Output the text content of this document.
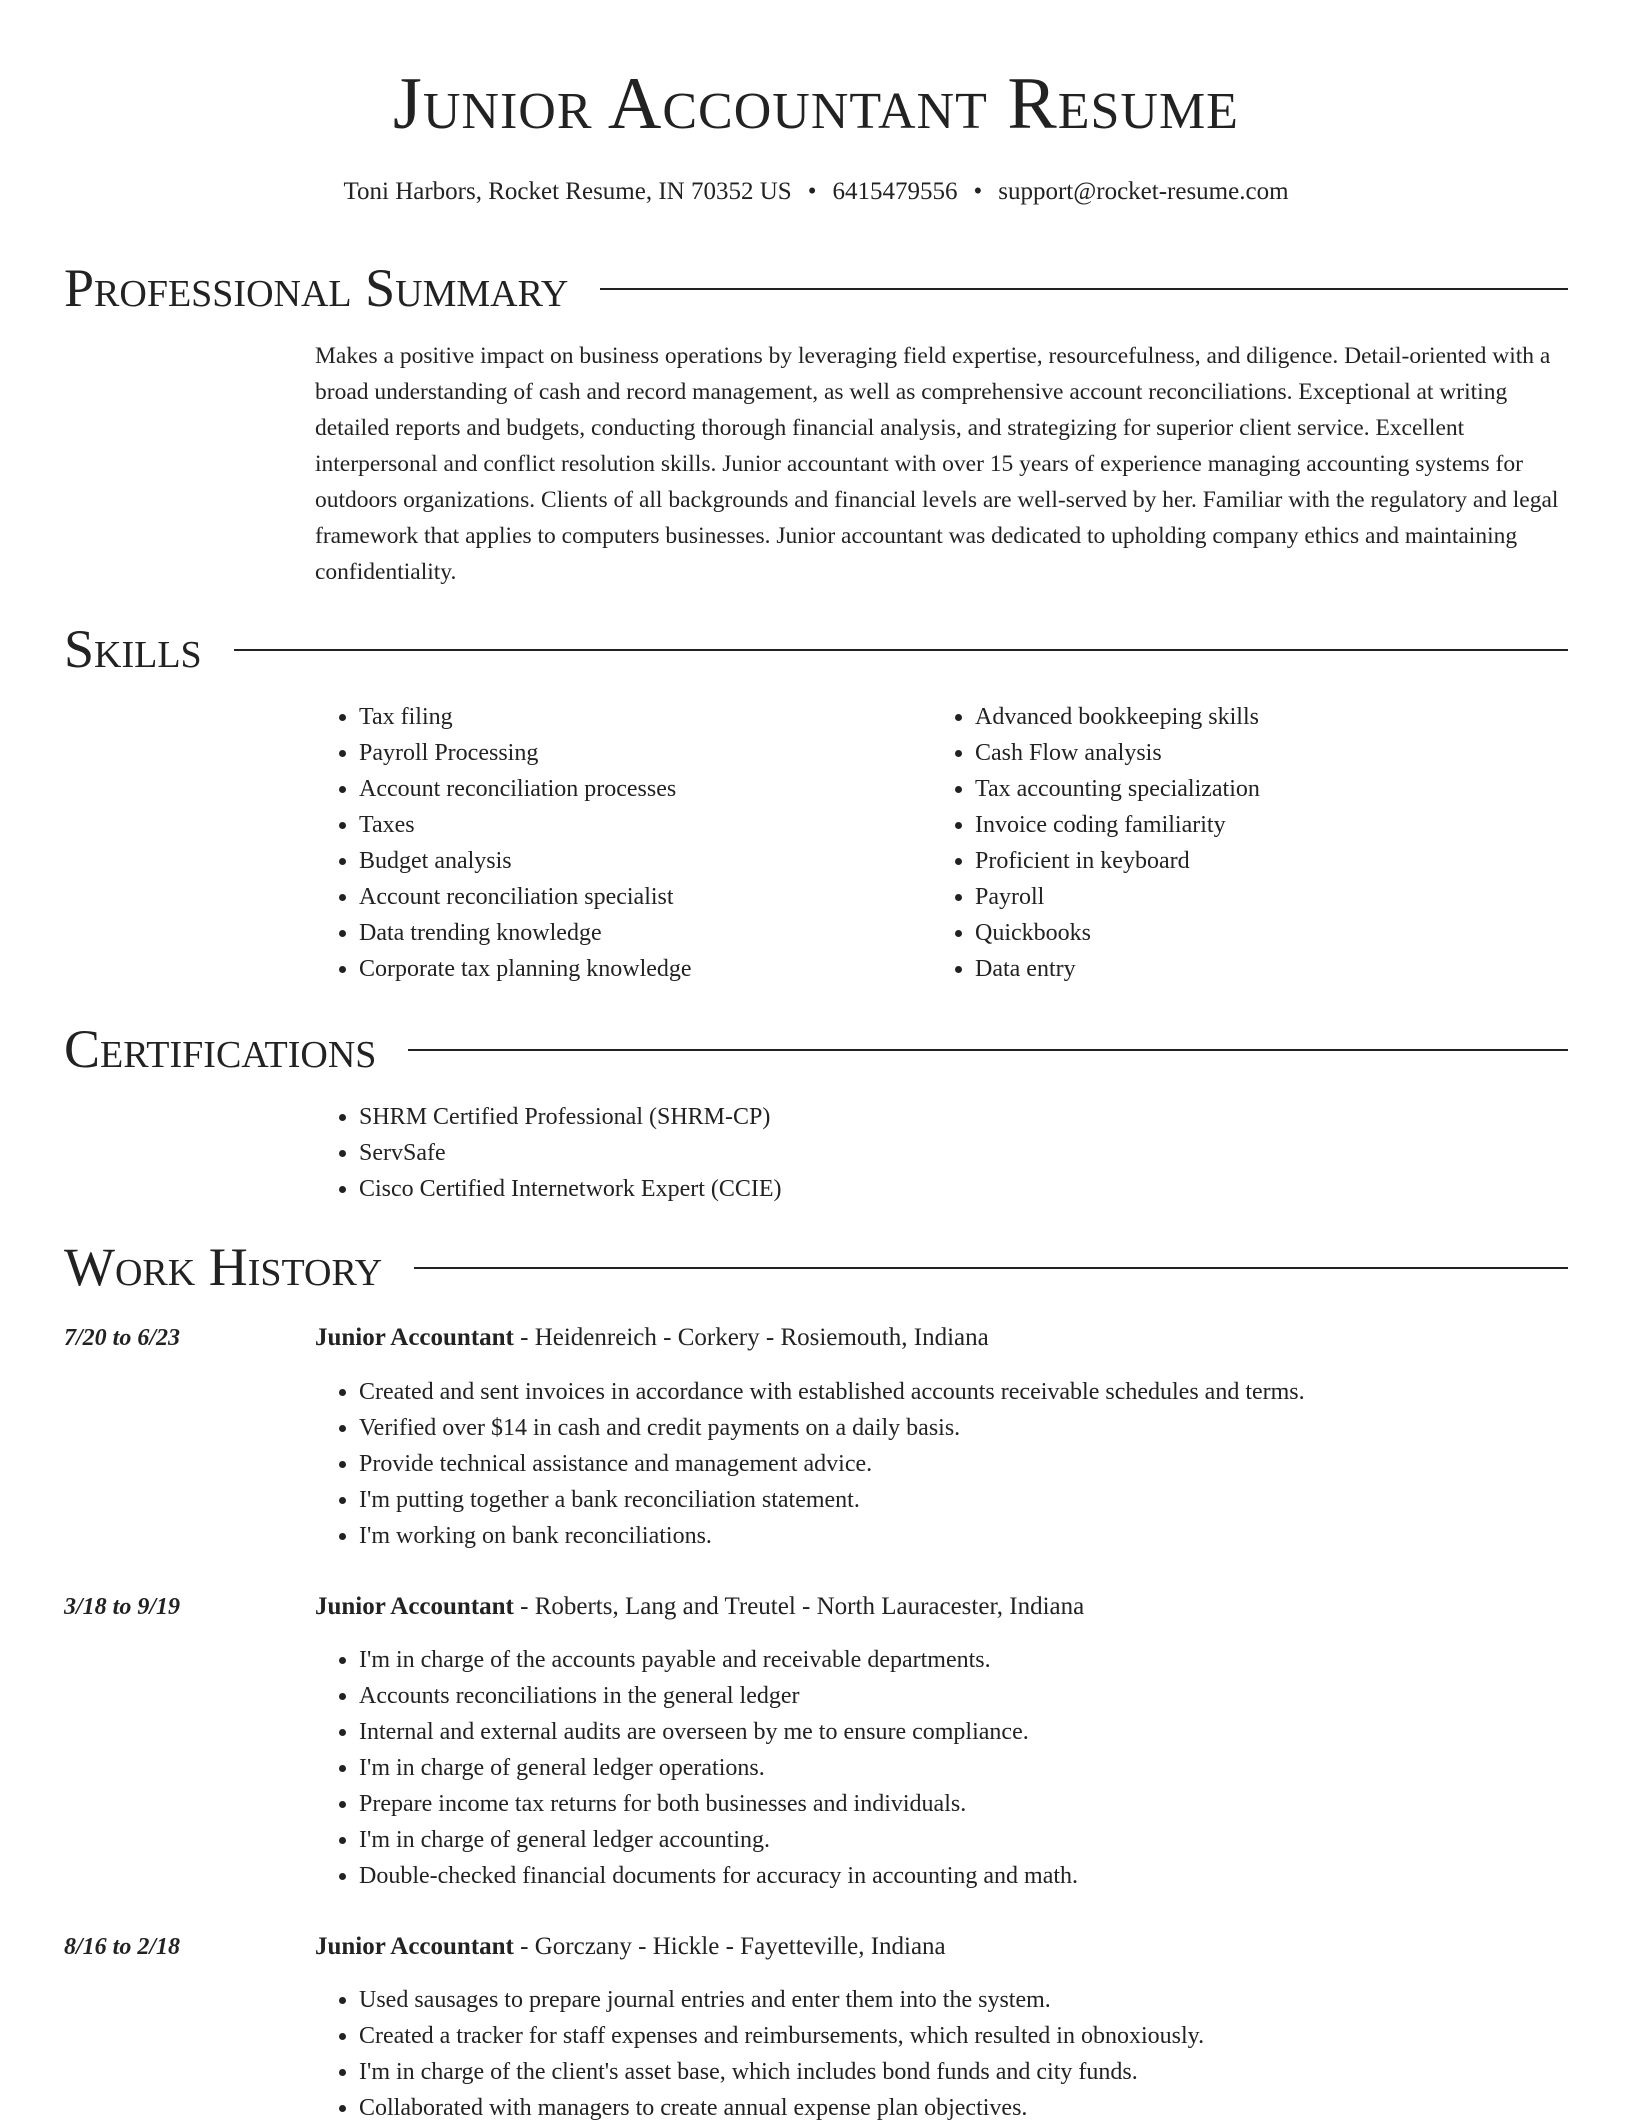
Junior Accountant Resume
Toni Harbors, Rocket Resume, IN 70352 US • 6415479556 • support@rocket-resume.com
Professional Summary
Makes a positive impact on business operations by leveraging field expertise, resourcefulness, and diligence. Detail-oriented with a broad understanding of cash and record management, as well as comprehensive account reconciliations. Exceptional at writing detailed reports and budgets, conducting thorough financial analysis, and strategizing for superior client service. Excellent interpersonal and conflict resolution skills. Junior accountant with over 15 years of experience managing accounting systems for outdoors organizations. Clients of all backgrounds and financial levels are well-served by her. Familiar with the regulatory and legal framework that applies to computers businesses. Junior accountant was dedicated to upholding company ethics and maintaining confidentiality.
Skills
• Tax filing
• Payroll Processing
• Account reconciliation processes
• Taxes
• Budget analysis
• Account reconciliation specialist
• Data trending knowledge
• Corporate tax planning knowledge
• Advanced bookkeeping skills
• Cash Flow analysis
• Tax accounting specialization
• Invoice coding familiarity
• Proficient in keyboard
• Payroll
• Quickbooks
• Data entry
Certifications
• SHRM Certified Professional (SHRM-CP)
• ServSafe
• Cisco Certified Internetwork Expert (CCIE)
Work History
7/20 to 6/23	Junior Accountant - Heidenreich - Corkery - Rosiemouth, Indiana
• Created and sent invoices in accordance with established accounts receivable schedules and terms.
• Verified over $14 in cash and credit payments on a daily basis.
• Provide technical assistance and management advice.
• I'm putting together a bank reconciliation statement.
• I'm working on bank reconciliations.
3/18 to 9/19	Junior Accountant - Roberts, Lang and Treutel - North Lauracester, Indiana
• I'm in charge of the accounts payable and receivable departments.
• Accounts reconciliations in the general ledger
• Internal and external audits are overseen by me to ensure compliance.
• I'm in charge of general ledger operations.
• Prepare income tax returns for both businesses and individuals.
• I'm in charge of general ledger accounting.
• Double-checked financial documents for accuracy in accounting and math.
8/16 to 2/18	Junior Accountant - Gorczany - Hickle - Fayetteville, Indiana
• Used sausages to prepare journal entries and enter them into the system.
• Created a tracker for staff expenses and reimbursements, which resulted in obnoxiously.
• I'm in charge of the client's asset base, which includes bond funds and city funds.
• Collaborated with managers to create annual expense plan objectives.
